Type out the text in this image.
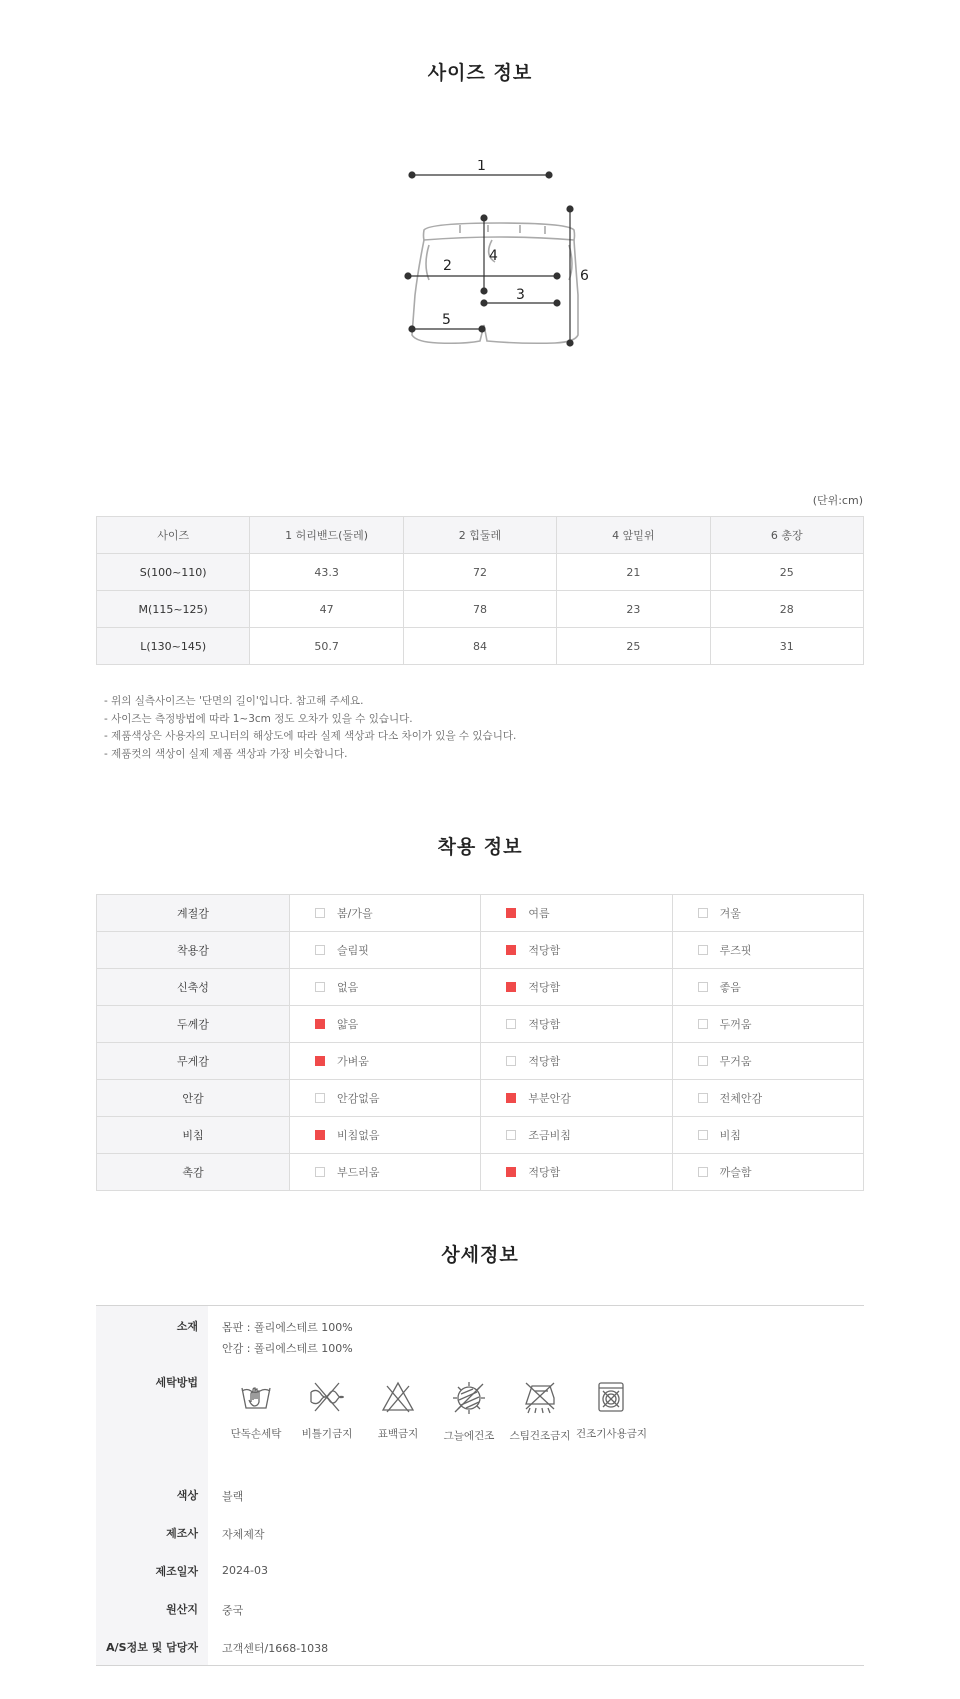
사이즈 정보
1
2
3
4
5
6
(단위:cm)
사이즈	1 허리밴드(둘레)	2 힙둘레	4 앞밑위	6 총장
S(100~110)	43.3	72	21	25
M(115~125)	47	78	23	28
L(130~145)	50.7	84	25	31
- 위의 실측사이즈는 '단면의 길이'입니다. 참고해 주세요.
- 사이즈는 측정방법에 따라 1~3cm 정도 오차가 있을 수 있습니다.
- 제품색상은 사용자의 모니터의 해상도에 따라 실제 색상과 다소 차이가 있을 수 있습니다.
- 제품컷의 색상이 실제 제품 색상과 가장 비슷합니다.
착용 정보
계절감	봄/가을	여름	겨울
착용감	슬림핏	적당함	루즈핏
신축성	없음	적당함	좋음
두께감	얇음	적당함	두꺼움
무게감	가벼움	적당함	무거움
안감	안감없음	부분안감	전체안감
비침	비침없음	조금비침	비침
촉감	부드러움	적당함	까슬함
상세정보
소재 몸판 : 폴리에스테르 100%
안감 : 폴리에스테르 100%
세탁방법
단독손세탁	비틀기금지	표백금지	그늘에건조	스팀건조금지 건조기사용금지
색상 블랙
제조사 자체제작
제조일자 2024-03
원산지 중국
A/S정보 및 담당자 고객센터/1668-1038
